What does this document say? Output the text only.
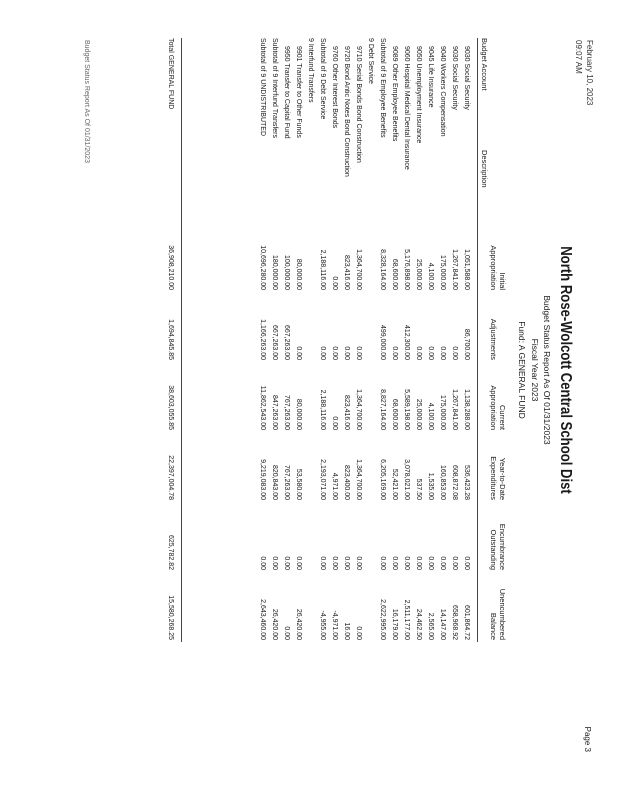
February 10, 2023
09:07 AM
Page 3
North Rose-Wolcott Central School Dist
Budget Status Report As Of 01/31/2023
Fiscal Year 2023
Fund: A GENERAL FUND
Budget Account
Description
Initial
Appropriation
Adjustments
Current
Appropriation
Year-to-Date
Expenditures
Encumbrance
Outstanding
Unencumbered
Balance
9030 Social Security
1,051,588.00
86,700.00
1,138,288.00
536,423.28
0.00
601,864.72
9030 Social Security
1,267,841.00
0.00
1,267,841.00
608,872.08
0.00
658,968.92
9040 Workers Compensation
175,000.00
0.00
175,000.00
160,853.00
0.00
14,147.00
9045 Life Insurance
4,100.00
0.00
4,100.00
1,535.00
0.00
2,565.00
9050 Unemployment Insurance
25,000.00
0.00
25,000.00
537.50
0.00
24,462.50
9060 Hospital Medical Dental Insurance
5,176,898.00
412,300.00
5,589,198.00
3,078,021.00
0.00
2,511,177.00
9089 Other Employee Benefits
68,600.00
0.00
68,600.00
52,421.00
0.00
16,179.00
Subtotal of 9 Employee Benefits
8,328,164.00
499,000.00
8,827,164.00
6,205,169.00
0.00
2,622,995.00
9 Debt Service
9710 Serial Bonds Bond Construction
1,364,700.00
0.00
1,364,700.00
1,364,700.00
0.00
0.00
9720 Bond Antic Notes Bond Construction
823,416.00
0.00
823,416.00
823,400.00
0.00
16.00
9760 Other Interest Bonds
0.00
0.00
0.00
4,971.00
0.00
-4,971.00
Subtotal of 9 Debt Service
2,188,116.00
0.00
2,188,116.00
2,193,071.00
0.00
-4,955.00
9 Interfund Transfers
9901 Transfer to Other Funds
80,000.00
0.00
80,000.00
53,580.00
0.00
26,420.00
9950 Transfer to Capital Fund
100,000.00
667,263.00
767,263.00
767,263.00
0.00
0.00
Subtotal of 9 Interfund Transfers
180,000.00
667,263.00
847,263.00
820,843.00
0.00
26,420.00
Subtotal of 9 UNDISTRIBUTED
10,696,280.00
1,166,263.00
11,862,543.00
9,219,083.00
0.00
2,643,460.00
Total GENERAL FUND
36,908,210.00
1,694,845.85
38,603,055.85
22,397,004.78
625,782.82
15,580,268.25
Budget Status Report As Of 01/31/2023
